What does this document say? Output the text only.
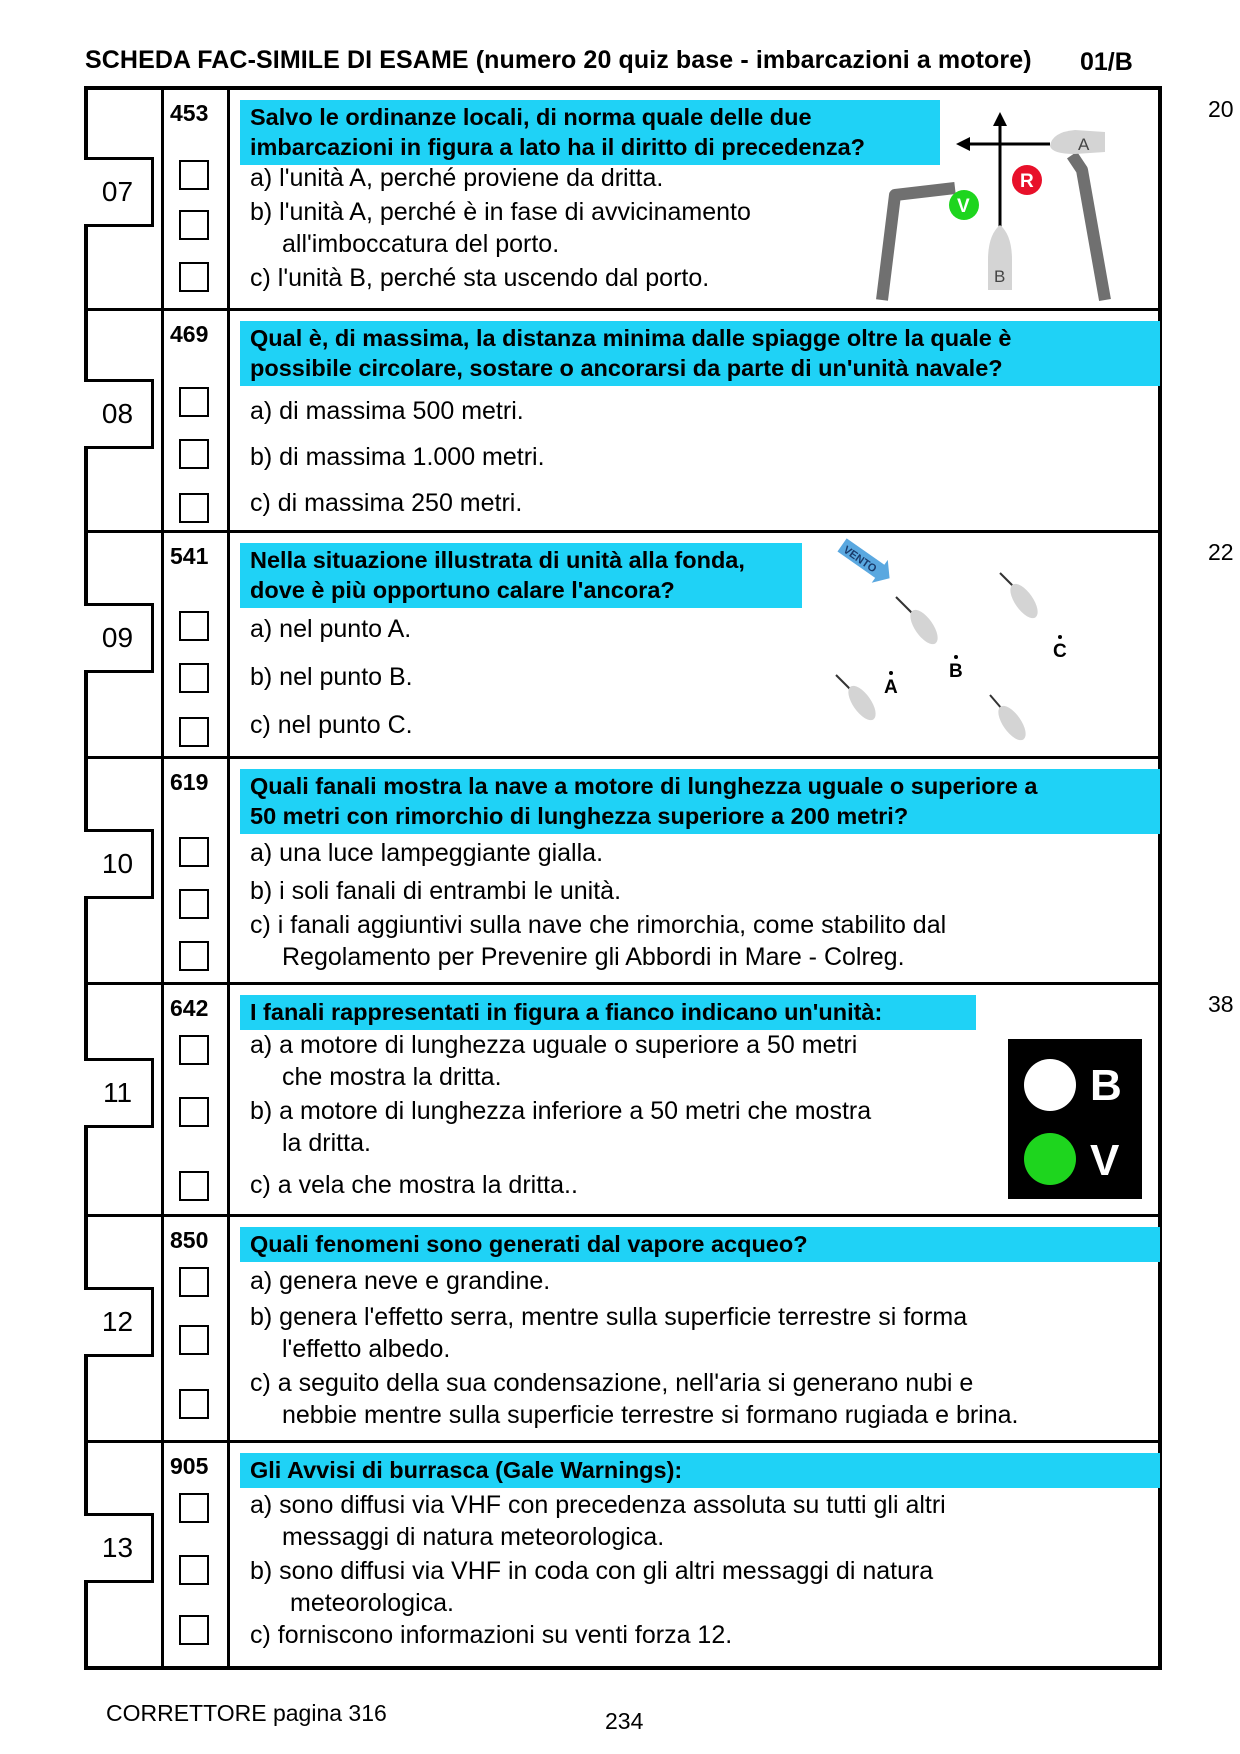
SCHEDA FAC-SIMILE DI ESAME (numero 20 quiz base - imbarcazioni a motore) 01/B
07
453 Salvo le ordinanze locali, di norma quale delle due
imbarcazioni in figura a lato ha il diritto di precedenza?
a) l'unità A, perché proviene da dritta.
b) l'unità A, perché è in fase di avvicinamento
all'imboccatura del porto.
c) l'unità B, perché sta uscendo dal porto.
20
A
B
R
V
08
469 Qual è, di massima, la distanza minima dalle spiagge oltre la quale è
possibile circolare, sostare o ancorarsi da parte di un'unità navale?
a) di massima 500 metri.
b) di massima 1.000 metri.
c) di massima 250 metri.
09
541 Nella situazione illustrata di unità alla fonda,
dove è più opportuno calare l'ancora?
a) nel punto A.
b) nel punto B.
c) nel punto C.
22
VENTO
A
B
C
10
619 Quali fanali mostra la nave a motore di lunghezza uguale o superiore a
50 metri con rimorchio di lunghezza superiore a 200 metri?
a) una luce lampeggiante gialla.
b) i soli fanali di entrambi le unità.
c) i fanali aggiuntivi sulla nave che rimorchia, come stabilito dal
Regolamento per Prevenire gli Abbordi in Mare - Colreg.
11
642 I fanali rappresentati in figura a fianco indicano un'unità:
a) a motore di lunghezza uguale o superiore a 50 metri
che mostra la dritta.
b) a motore di lunghezza inferiore a 50 metri che mostra
la dritta.
c) a vela che mostra la dritta..
38
B
V
12
850 Quali fenomeni sono generati dal vapore acqueo?
a) genera neve e grandine.
b) genera l'effetto serra, mentre sulla superficie terrestre si forma
l'effetto albedo.
c) a seguito della sua condensazione, nell'aria si generano nubi e
nebbie mentre sulla superficie terrestre si formano rugiada e brina.
13
905 Gli Avvisi di burrasca (Gale Warnings):
a) sono diffusi via VHF con precedenza assoluta su tutti gli altri
messaggi di natura meteorologica.
b) sono diffusi via VHF in coda con gli altri messaggi di natura
meteorologica.
c) forniscono informazioni su venti forza 12.
CORRETTORE pagina 316	234
